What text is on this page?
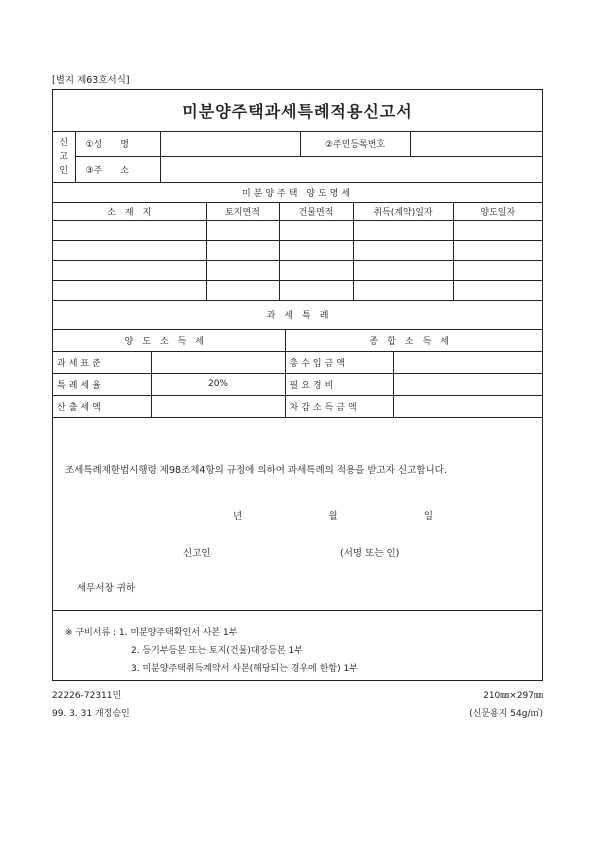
[별지 제63호서식]
미분양주택과세특례적용신고서
신
고
인	①성　　명		②주민등록번호	
	③주　　소			
미분양주택 양도명세				
소　재　지	토지면적	건물면적	취득(계약)일자	양도일자

과　세　특　례			
양도소득세		종합소득세	
과세표준		총수입금액	
특례세율	20%	필요경비	
산출세액		차감소득금액	
조세특례제한법시행령 제98조제4항의 규정에 의하여 과세특례의 적용을 받고자 신고합니다.
년	월	일
신고인	(서명 또는 인)
세무서장 귀하
※ 구비서류 : 1. 미분양주택확인서 사본 1부
2. 등기부등본 또는 토지(건물)대장등본 1부
3. 미분양주택취득계약서 사본(해당되는 경우에 한함) 1부
22226-72311민
99. 3. 31 개정승인
210㎜×297㎜
(신문용지 54g/㎡)
